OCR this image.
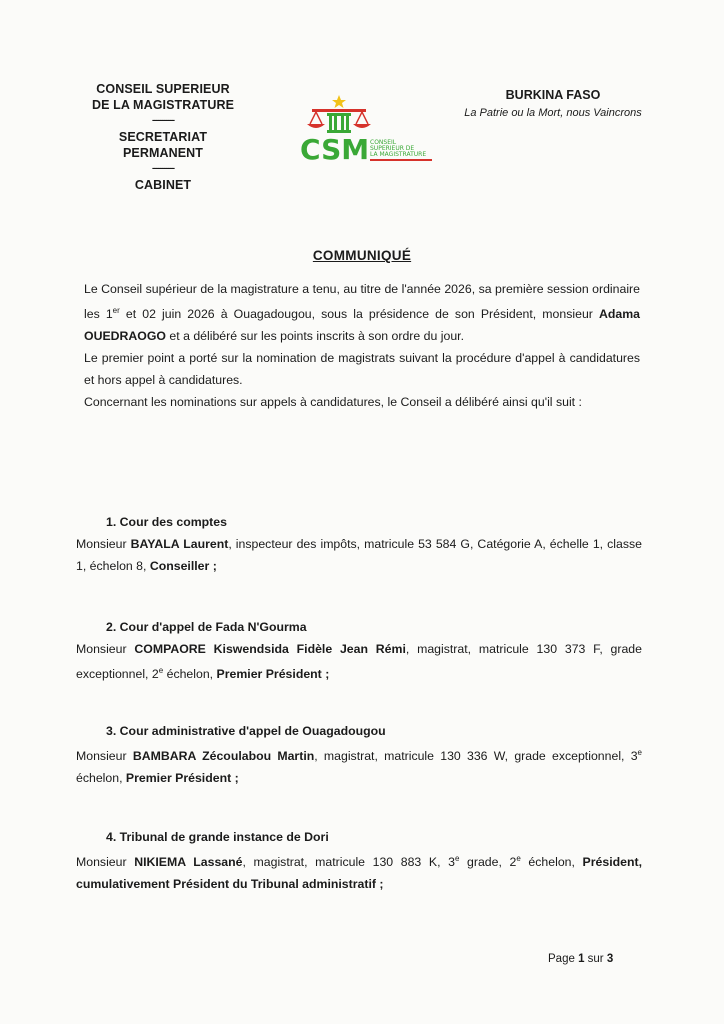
CONSEIL SUPERIEUR
DE LA MAGISTRATURE
-----------
SECRETARIAT PERMANENT
-----------
CABINET
CSM CONSEIL
SUPERIEUR DE
LA MAGISTRATURE
BURKINA FASO
La Patrie ou la Mort, nous Vaincrons
COMMUNIQUÉ

Le Conseil supérieur de la magistrature a tenu, au titre de l'année 2026, sa première session ordinaire les 1er et 02 juin 2026 à Ouagadougou, sous la présidence de son Président, monsieur Adama OUEDRAOGO et a délibéré sur les points inscrits à son ordre du jour.

Le premier point a porté sur la nomination de magistrats suivant la procédure d'appel à candidatures et hors appel à candidatures.

Concernant les nominations sur appels à candidatures, le Conseil a délibéré ainsi qu'il suit :

1. Cour des comptes
Monsieur BAYALA Laurent, inspecteur des impôts, matricule 53 584 G, Catégorie A, échelle 1, classe 1, échelon 8, Conseiller ;
2. Cour d'appel de Fada N'Gourma
Monsieur COMPAORE Kiswendsida Fidèle Jean Rémi, magistrat, matricule 130 373 F, grade exceptionnel, 2e échelon, Premier Président ;
3. Cour administrative d'appel de Ouagadougou
Monsieur BAMBARA Zécoulabou Martin, magistrat, matricule 130 336 W, grade exceptionnel, 3e échelon, Premier Président ;
4. Tribunal de grande instance de Dori
Monsieur NIKIEMA Lassané, magistrat, matricule 130 883 K, 3e grade, 2e échelon, Président, cumulativement Président du Tribunal administratif ;
Page 1 sur 3
